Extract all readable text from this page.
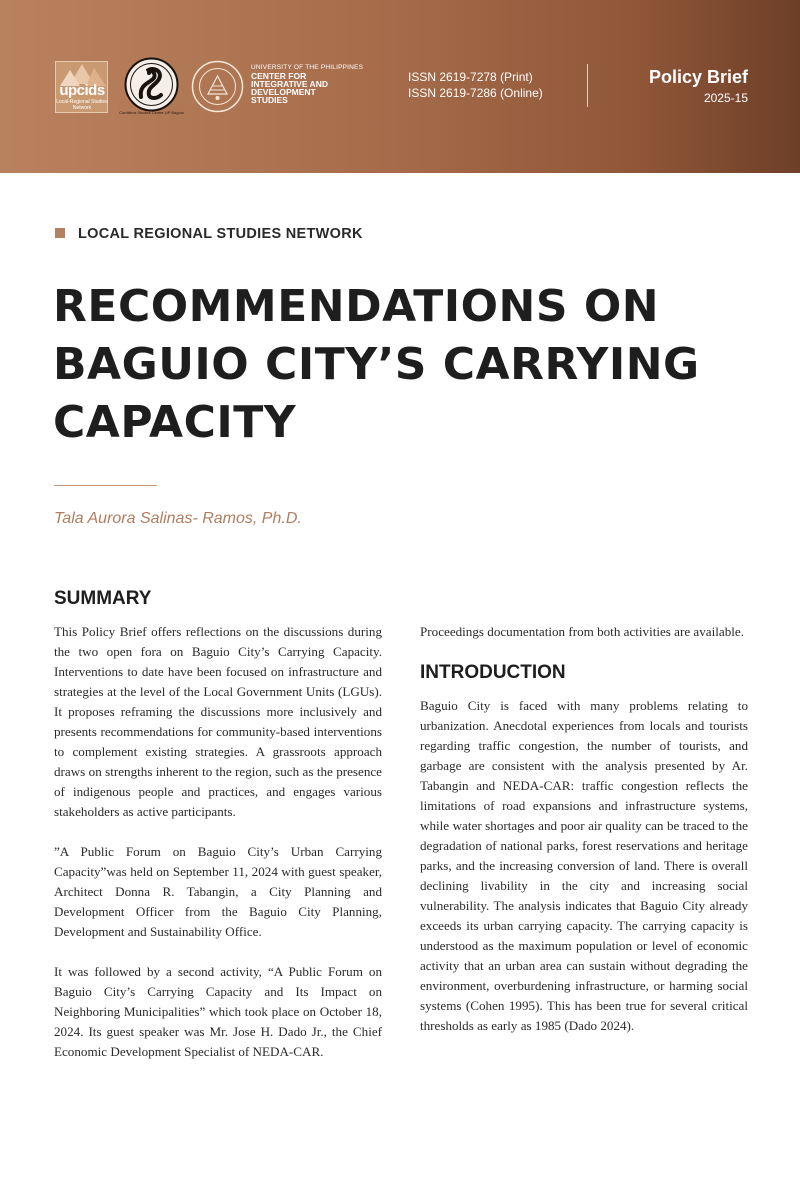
upcids
Local-Regional Studies Network
Cordillera Studies Center UP Baguio
UNIVERSITY OF THE PHILIPPINES
CENTER FOR
INTEGRATIVE AND
DEVELOPMENT
STUDIES
ISSN 2619-7278 (Print)
ISSN 2619-7286 (Online)
Policy Brief
2025-15
LOCAL REGIONAL STUDIES NETWORK
RECOMMENDATIONS ON
BAGUIO CITY’S CARRYING
CAPACITY
Tala Aurora Salinas- Ramos, Ph.D.
SUMMARY

This Policy Brief offers reflections on the discussions during the two open fora on Baguio City’s Carrying Capacity. Interventions to date have been focused on infrastructure and strategies at the level of the Local Government Units (LGUs). It proposes reframing the discussions more inclusively and presents recommendations for community-based interventions to complement existing strategies. A grassroots approach draws on strengths inherent to the region, such as the presence of indigenous people and practices, and engages various stakeholders as active participants.

”A Public Forum on Baguio City’s Urban Carrying Capacity”was held on September 11, 2024 with guest speaker, Architect Donna R. Tabangin, a City Planning and Development Officer from the Baguio City Planning, Development and Sustainability Office.

It was followed by a second activity, “A Public Forum on Baguio City’s Carrying Capacity and Its Impact on Neighboring Municipalities” which took place on October 18, 2024. Its guest speaker was Mr. Jose H. Dado Jr., the Chief Economic Development Specialist of NEDA-CAR.

Proceedings documentation from both activities are available.

INTRODUCTION

Baguio City is faced with many problems relating to urbanization. Anecdotal experiences from locals and tourists regarding traffic congestion, the number of tourists, and garbage are consistent with the analysis presented by Ar. Tabangin and NEDA-CAR: traffic congestion reflects the limitations of road expansions and infrastructure systems, while water shortages and poor air quality can be traced to the degradation of national parks, forest reservations and heritage parks, and the increasing conversion of land. There is overall declining livability in the city and increasing social vulnerability. The analysis indicates that Baguio City already exceeds its urban carrying capacity. The carrying capacity is understood as the maximum population or level of economic activity that an urban area can sustain without degrading the environment, overburdening infrastructure, or harming social systems (Cohen 1995). This has been true for several critical thresholds as early as 1985 (Dado 2024).
